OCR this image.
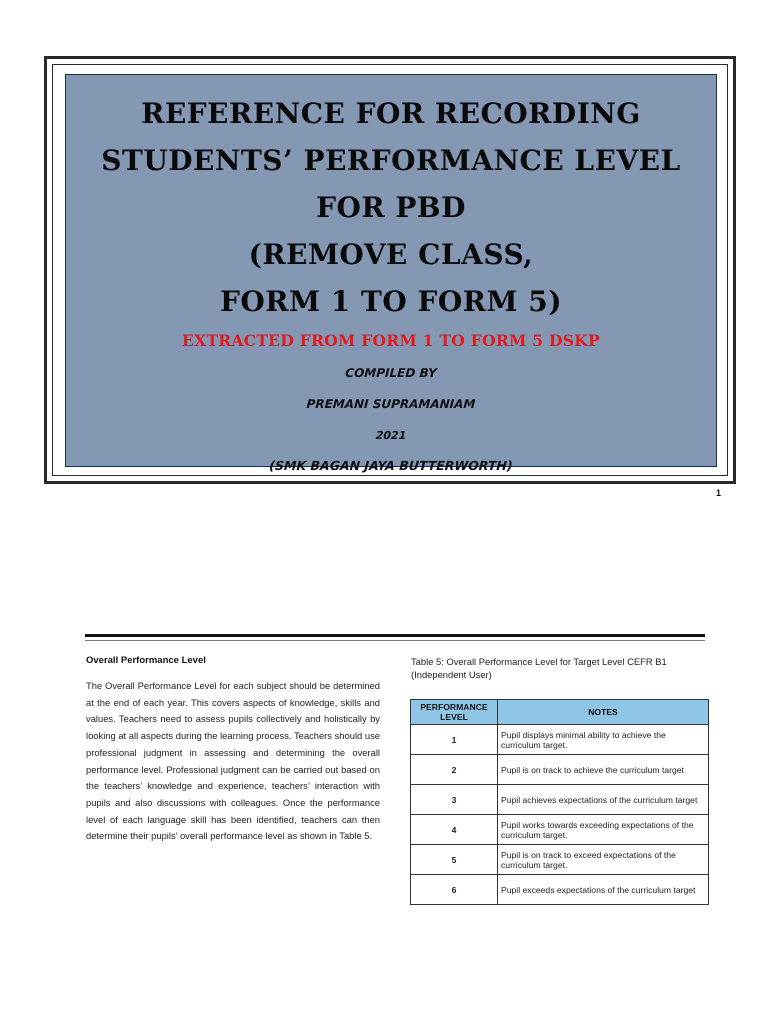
REFERENCE FOR RECORDING
STUDENTS’ PERFORMANCE LEVEL
FOR PBD
(REMOVE CLASS,
FORM 1 TO FORM 5)
EXTRACTED FROM FORM 1 TO FORM 5 DSKP
COMPILED BY
PREMANI SUPRAMANIAM
2021
(SMK BAGAN JAYA BUTTERWORTH)
1
Overall Performance Level
The Overall Performance Level for each subject should be determined at the end of each year. This covers aspects of knowledge, skills and values. Teachers need to assess pupils collectively and holistically by looking at all aspects during the learning process. Teachers should use professional judgment in assessing and determining the overall performance level. Professional judgment can be carried out based on the teachers’ knowledge and experience, teachers’ interaction with pupils and also discussions with colleagues. Once the performance level of each language skill has been identified, teachers can then determine their pupils’ overall performance level as shown in Table 5.
Table 5: Overall Performance Level for Target Level CEFR B1 (Independent User)
PERFORMANCE LEVEL	NOTES
1	Pupil displays minimal ability to achieve the curriculum target.
2	Pupil is on track to achieve the curriculum target
3	Pupil achieves expectations of the curriculum target
4	Pupil works towards exceeding expectations of the curriculum target.
5	Pupil is on track to exceed expectations of the curriculum target.
6	Pupil exceeds expectations of the curriculum target
